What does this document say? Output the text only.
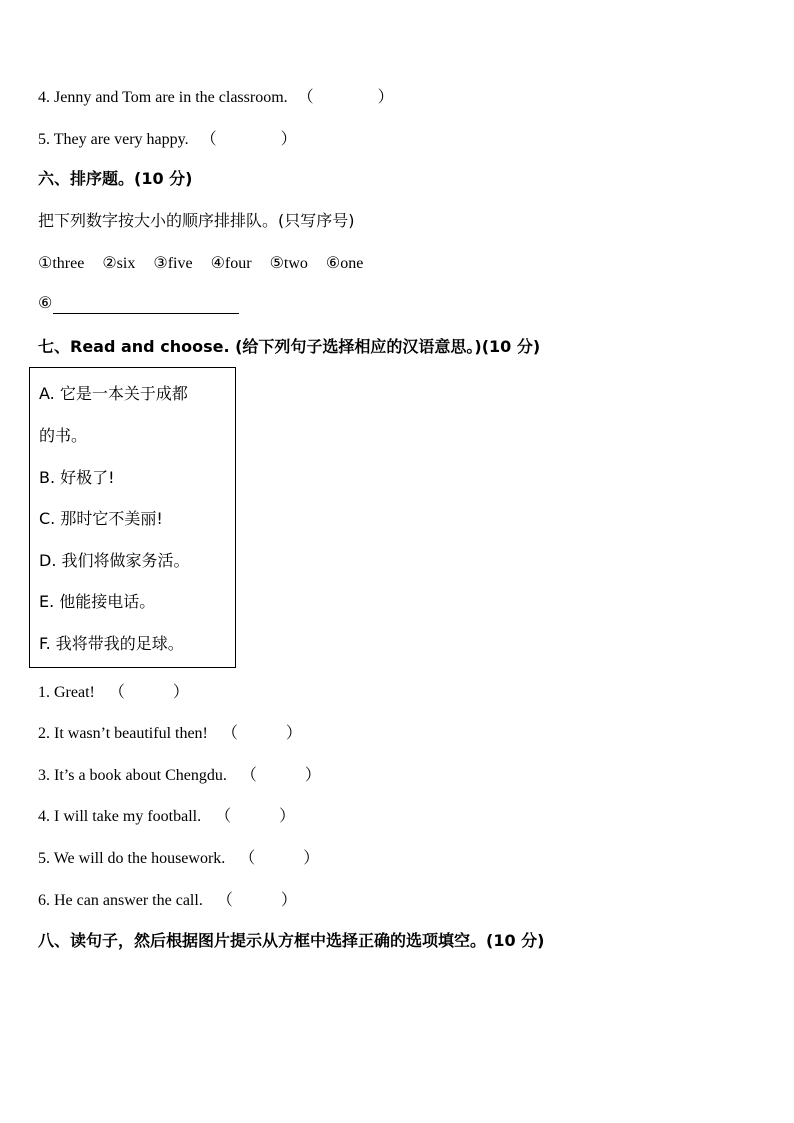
4. Jenny and Tom are in the classroom. （　　　　）
5. They are very happy. （　　　　）
六、排序题。(10 分)
把下列数字按大小的顺序排排队。(只写序号)
①three ②six ③five ④four ⑤two ⑥one
⑥
七、Read and choose. (给下列句子选择相应的汉语意思。)(10 分)
A. 它是一本关于成都
的书。
B. 好极了!
C. 那时它不美丽!
D. 我们将做家务活。
E. 他能接电话。
F. 我将带我的足球。
1. Great! （　　　）
2. It wasn’t beautiful then! （　　　）
3. It’s a book about Chengdu. （　　　）
4. I will take my football. （　　　）
5. We will do the housework. （　　　）
6. He can answer the call. （　　　）
八、读句子，然后根据图片提示从方框中选择正确的选项填空。(10 分)
